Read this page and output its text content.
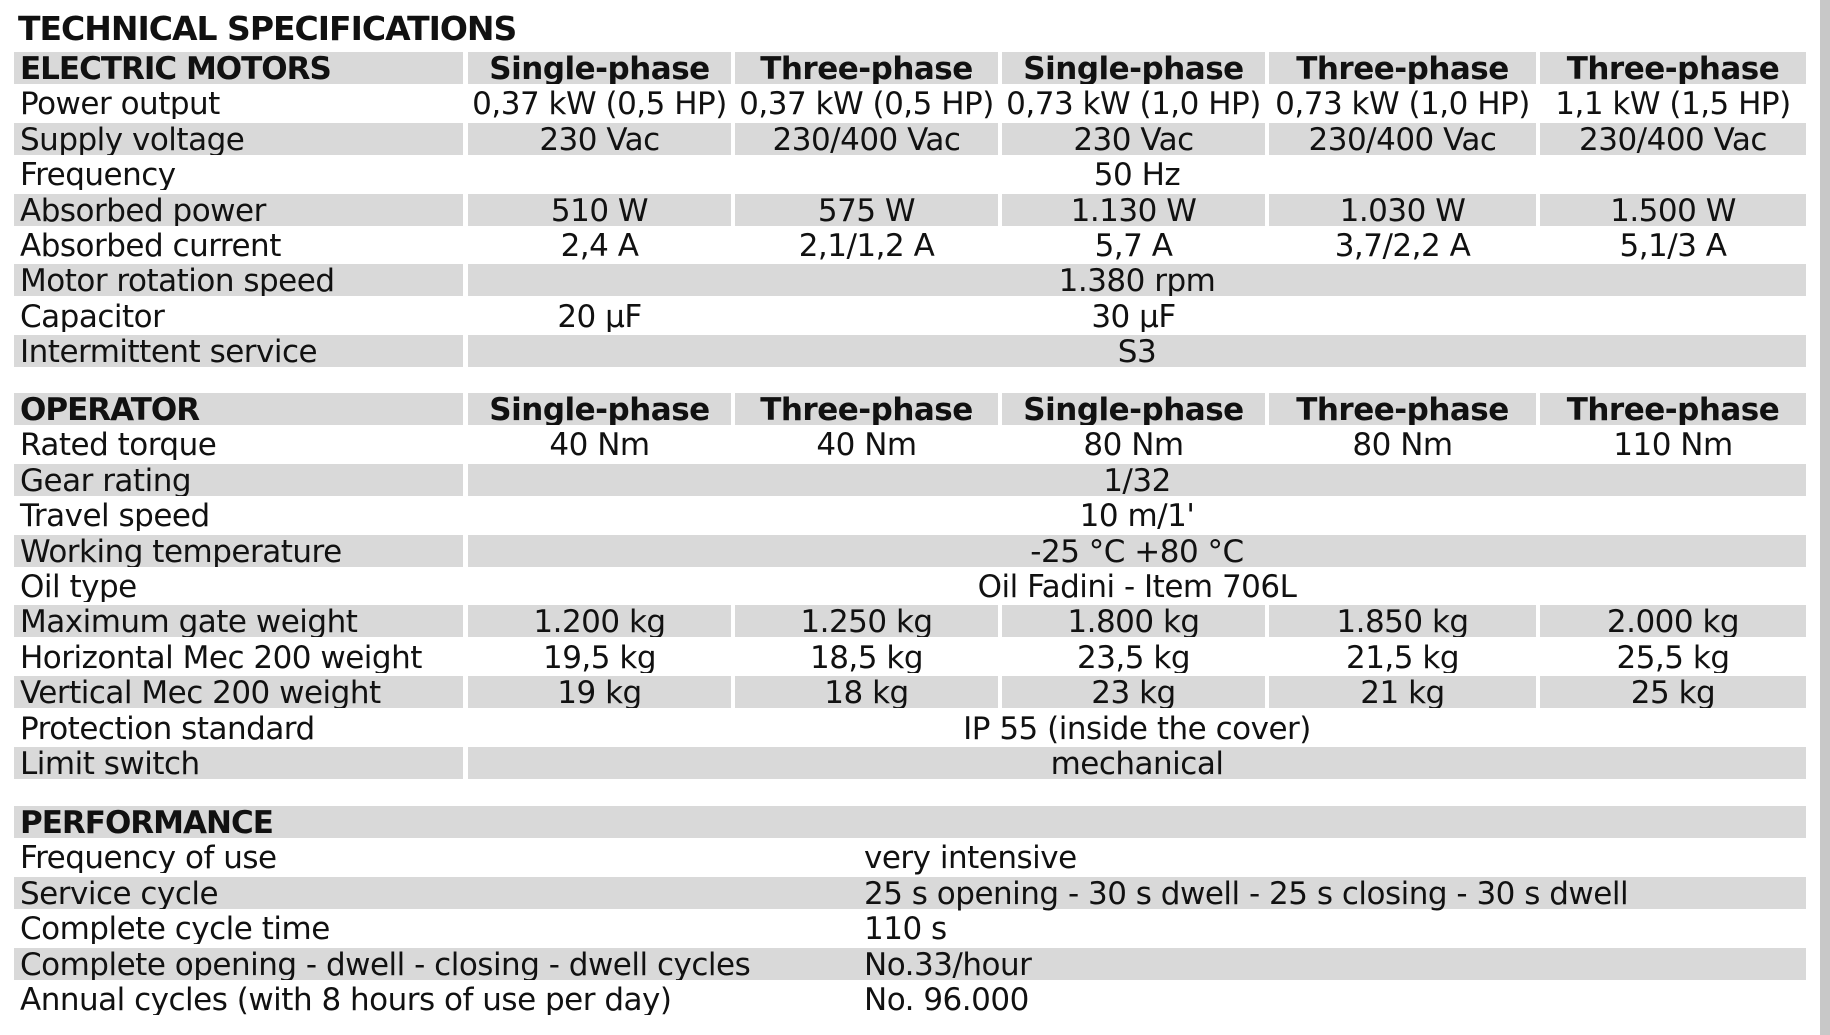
TECHNICAL SPECIFICATIONS
ELECTRIC MOTORS	Single-phase	Three-phase	Single-phase	Three-phase	Three-phase
Power output	0,37 kW (0,5 HP) 0,37 kW (0,5 HP) 0,73 kW (1,0 HP) 0,73 kW (1,0 HP) 1,1 kW (1,5 HP)
Supply voltage	230 Vac	230/400 Vac	230 Vac	230/400 Vac	230/400 Vac
Frequency	50 Hz
Absorbed power	510 W	575 W	1.130 W	1.030 W	1.500 W
Absorbed current	2,4 A	2,1/1,2 A	5,7 A	3,7/2,2 A	5,1/3 A
Motor rotation speed	1.380 rpm
Capacitor	20 µF	30 µF
Intermittent service	S3
OPERATOR	Single-phase	Three-phase	Single-phase	Three-phase	Three-phase
Rated torque	40 Nm	40 Nm	80 Nm	80 Nm	110 Nm
Gear rating	1/32
Travel speed	10 m/1'
Working temperature	-25 °C +80 °C
Oil type	Oil Fadini - Item 706L
Maximum gate weight	1.200 kg	1.250 kg	1.800 kg	1.850 kg	2.000 kg
Horizontal Mec 200 weight	19,5 kg	18,5 kg	23,5 kg	21,5 kg	25,5 kg
Vertical Mec 200 weight	19 kg	18 kg	23 kg	21 kg	25 kg
Protection standard	IP 55 (inside the cover)
Limit switch	mechanical
PERFORMANCE
Frequency of use	very intensive
Service cycle	25 s opening - 30 s dwell - 25 s closing - 30 s dwell
Complete cycle time	110 s
Complete opening - dwell - closing - dwell cycles	No.33/hour
Annual cycles (with 8 hours of use per day)	No. 96.000
